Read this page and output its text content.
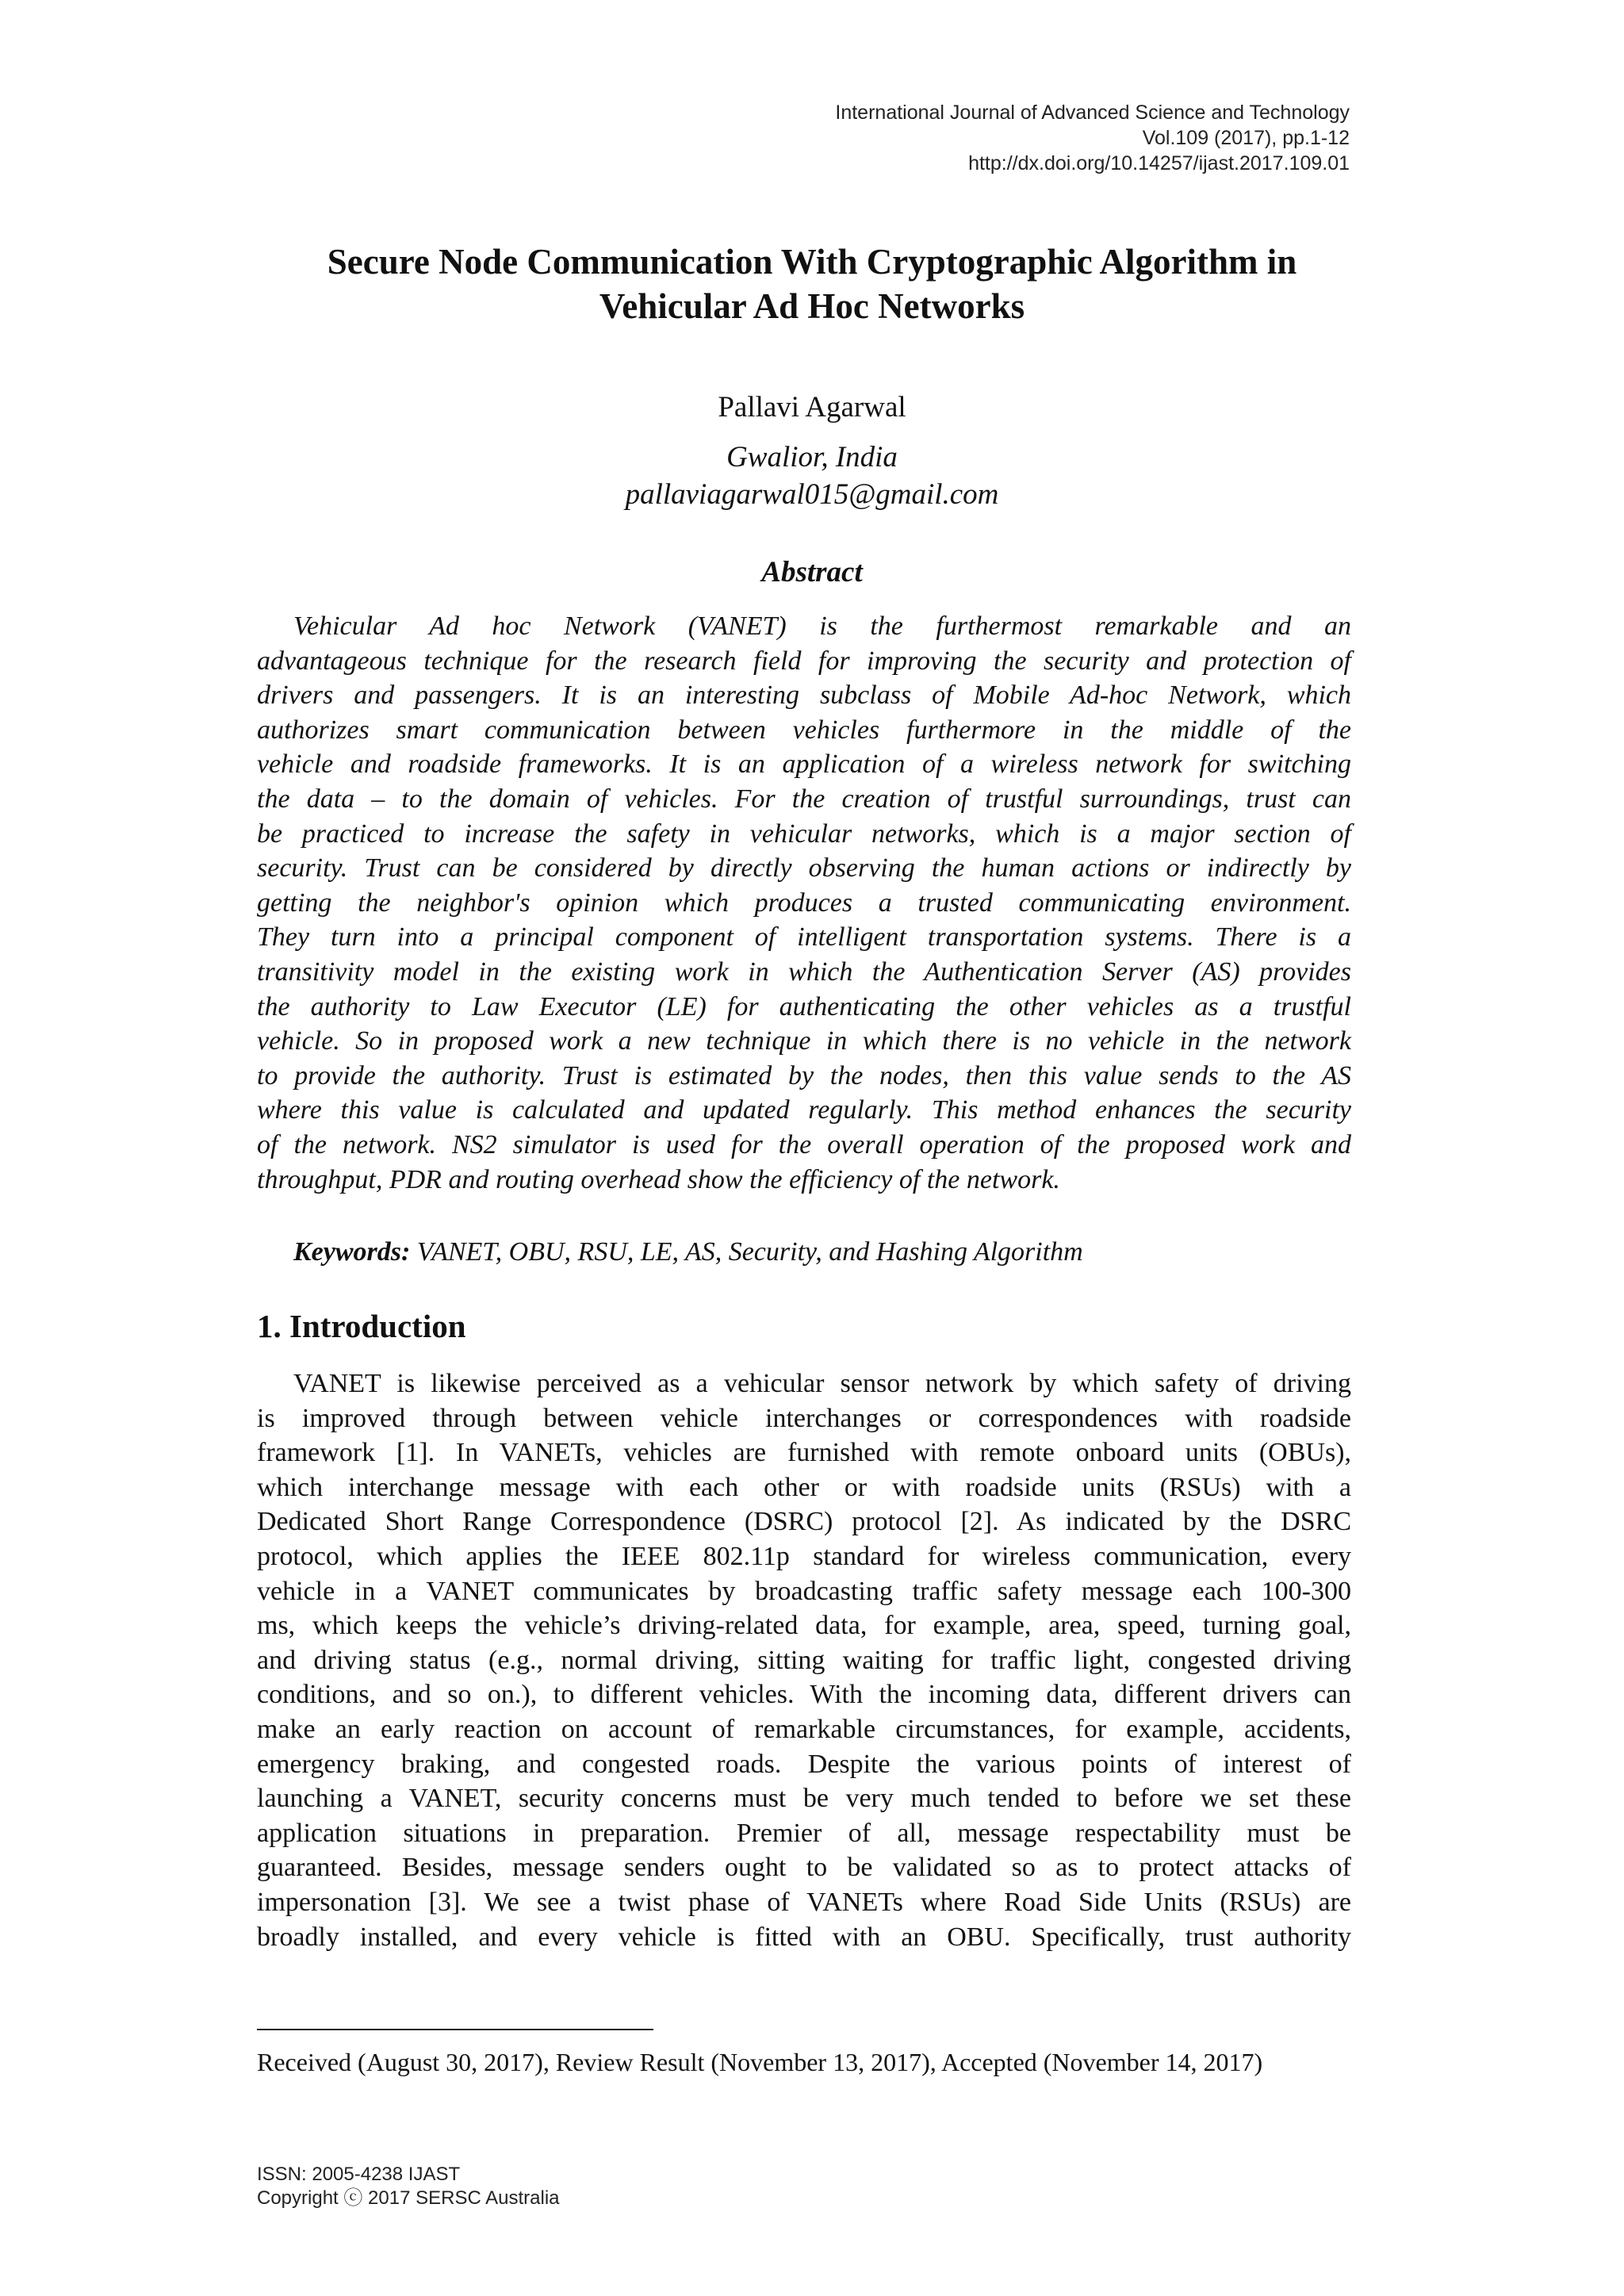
International Journal of Advanced Science and Technology
Vol.109 (2017), pp.1-12
http://dx.doi.org/10.14257/ijast.2017.109.01
Secure Node Communication With Cryptographic Algorithm in
Vehicular Ad Hoc Networks
Pallavi Agarwal
Gwalior, India
pallaviagarwal015@gmail.com
Abstract
Vehicular Ad hoc Network (VANET) is the furthermost remarkable and an
advantageous technique for the research field for improving the security and protection of
drivers and passengers. It is an interesting subclass of Mobile Ad-hoc Network, which
authorizes smart communication between vehicles furthermore in the middle of the
vehicle and roadside frameworks. It is an application of a wireless network for switching
the data – to the domain of vehicles. For the creation of trustful surroundings, trust can
be practiced to increase the safety in vehicular networks, which is a major section of
security. Trust can be considered by directly observing the human actions or indirectly by
getting the neighbor's opinion which produces a trusted communicating environment.
They turn into a principal component of intelligent transportation systems. There is a
transitivity model in the existing work in which the Authentication Server (AS) provides
the authority to Law Executor (LE) for authenticating the other vehicles as a trustful
vehicle. So in proposed work a new technique in which there is no vehicle in the network
to provide the authority. Trust is estimated by the nodes, then this value sends to the AS
where this value is calculated and updated regularly. This method enhances the security
of the network. NS2 simulator is used for the overall operation of the proposed work and
throughput, PDR and routing overhead show the efficiency of the network.
Keywords: VANET, OBU, RSU, LE, AS, Security, and Hashing Algorithm
1. Introduction
VANET is likewise perceived as a vehicular sensor network by which safety of driving
is improved through between vehicle interchanges or correspondences with roadside
framework [1]. In VANETs, vehicles are furnished with remote onboard units (OBUs),
which interchange message with each other or with roadside units (RSUs) with a
Dedicated Short Range Correspondence (DSRC) protocol [2]. As indicated by the DSRC
protocol, which applies the IEEE 802.11p standard for wireless communication, every
vehicle in a VANET communicates by broadcasting traffic safety message each 100-300
ms, which keeps the vehicle’s driving-related data, for example, area, speed, turning goal,
and driving status (e.g., normal driving, sitting waiting for traffic light, congested driving
conditions, and so on.), to different vehicles. With the incoming data, different drivers can
make an early reaction on account of remarkable circumstances, for example, accidents,
emergency braking, and congested roads. Despite the various points of interest of
launching a VANET, security concerns must be very much tended to before we set these
application situations in preparation. Premier of all, message respectability must be
guaranteed. Besides, message senders ought to be validated so as to protect attacks of
impersonation [3]. We see a twist phase of VANETs where Road Side Units (RSUs) are
broadly installed, and every vehicle is fitted with an OBU. Specifically, trust authority
Received (August 30, 2017), Review Result (November 13, 2017), Accepted (November 14, 2017)
ISSN: 2005-4238 IJAST
Copyright ⓒ 2017 SERSC Australia
